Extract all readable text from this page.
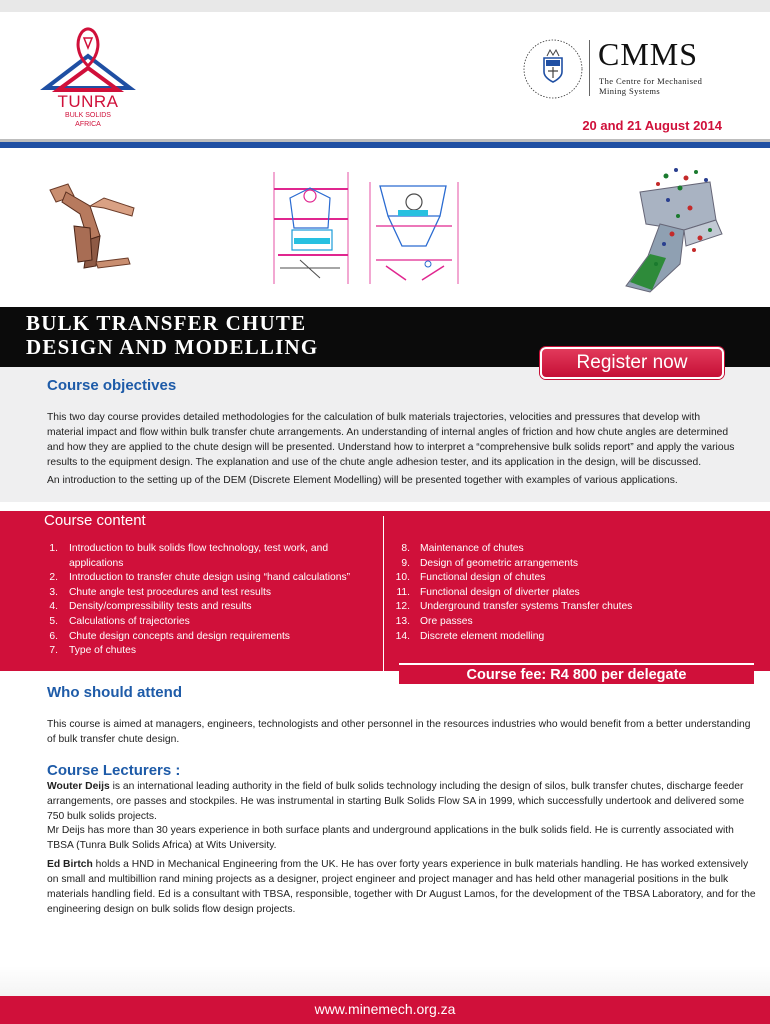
TUNRA
BULK SOLIDS
AFRICA
CMMS
The Centre for Mechanised
Mining Systems
20 and 21 August 2014
BULK TRANSFER CHUTE
DESIGN AND MODELLING
Register now
Course objectives
This two day course provides detailed methodologies for the calculation of bulk materials trajectories, velocities and pressures that develop with
material impact and flow within bulk transfer chute arrangements. An understanding of internal angles of friction and how chute angles are determined
and how they are applied to the chute design will be presented. Understand how to interpret a “comprehensive bulk solids report” and apply the various
results to the equipment design. The explanation and use of the chute angle adhesion tester, and its application in the design, will be discussed.
An introduction to the setting up of the DEM (Discrete Element Modelling) will be presented together with examples of various applications.
Course content
1. Introduction to bulk solids flow technology, test work, and
applications
2. Introduction to transfer chute design using “hand calculations”
3. Chute angle test procedures and test results
4. Density/compressibility tests and results
5. Calculations of trajectories
6. Chute design concepts and design requirements
7. Type of chutes
8. Maintenance of chutes
9. Design of geometric arrangements
10. Functional design of chutes
11. Functional design of diverter plates
12. Underground transfer systems Transfer chutes
13. Ore passes
14. Discrete element modelling
Course fee: R4 800 per delegate
Who should attend
This course is aimed at managers, engineers, technologists and other personnel in the resources industries who would benefit from a better understanding
of bulk transfer chute design.
Course Lecturers :
Wouter Deijs is an international leading authority in the field of bulk solids technology including the design of silos, bulk transfer chutes, discharge feeder
arrangements, ore passes and stockpiles. He was instrumental in starting Bulk Solids Flow SA in 1999, which successfully undertook and delivered some
750 bulk solids projects.
Mr Deijs has more than 30 years experience in both surface plants and underground applications in the bulk solids field. He is currently associated with
TBSA (Tunra Bulk Solids Africa) at Wits University.
Ed Birtch holds a HND in Mechanical Engineering from the UK. He has over forty years experience in bulk materials handling. He has worked extensively
on small and multibillion rand mining projects as a designer, project engineer and project manager and has held other managerial positions in the bulk
materials handling field. Ed is a consultant with TBSA, responsible, together with Dr August Lamos, for the development of the TBSA Laboratory, and for the
engineering design on bulk solids flow design projects.
www.minemech.org.za
